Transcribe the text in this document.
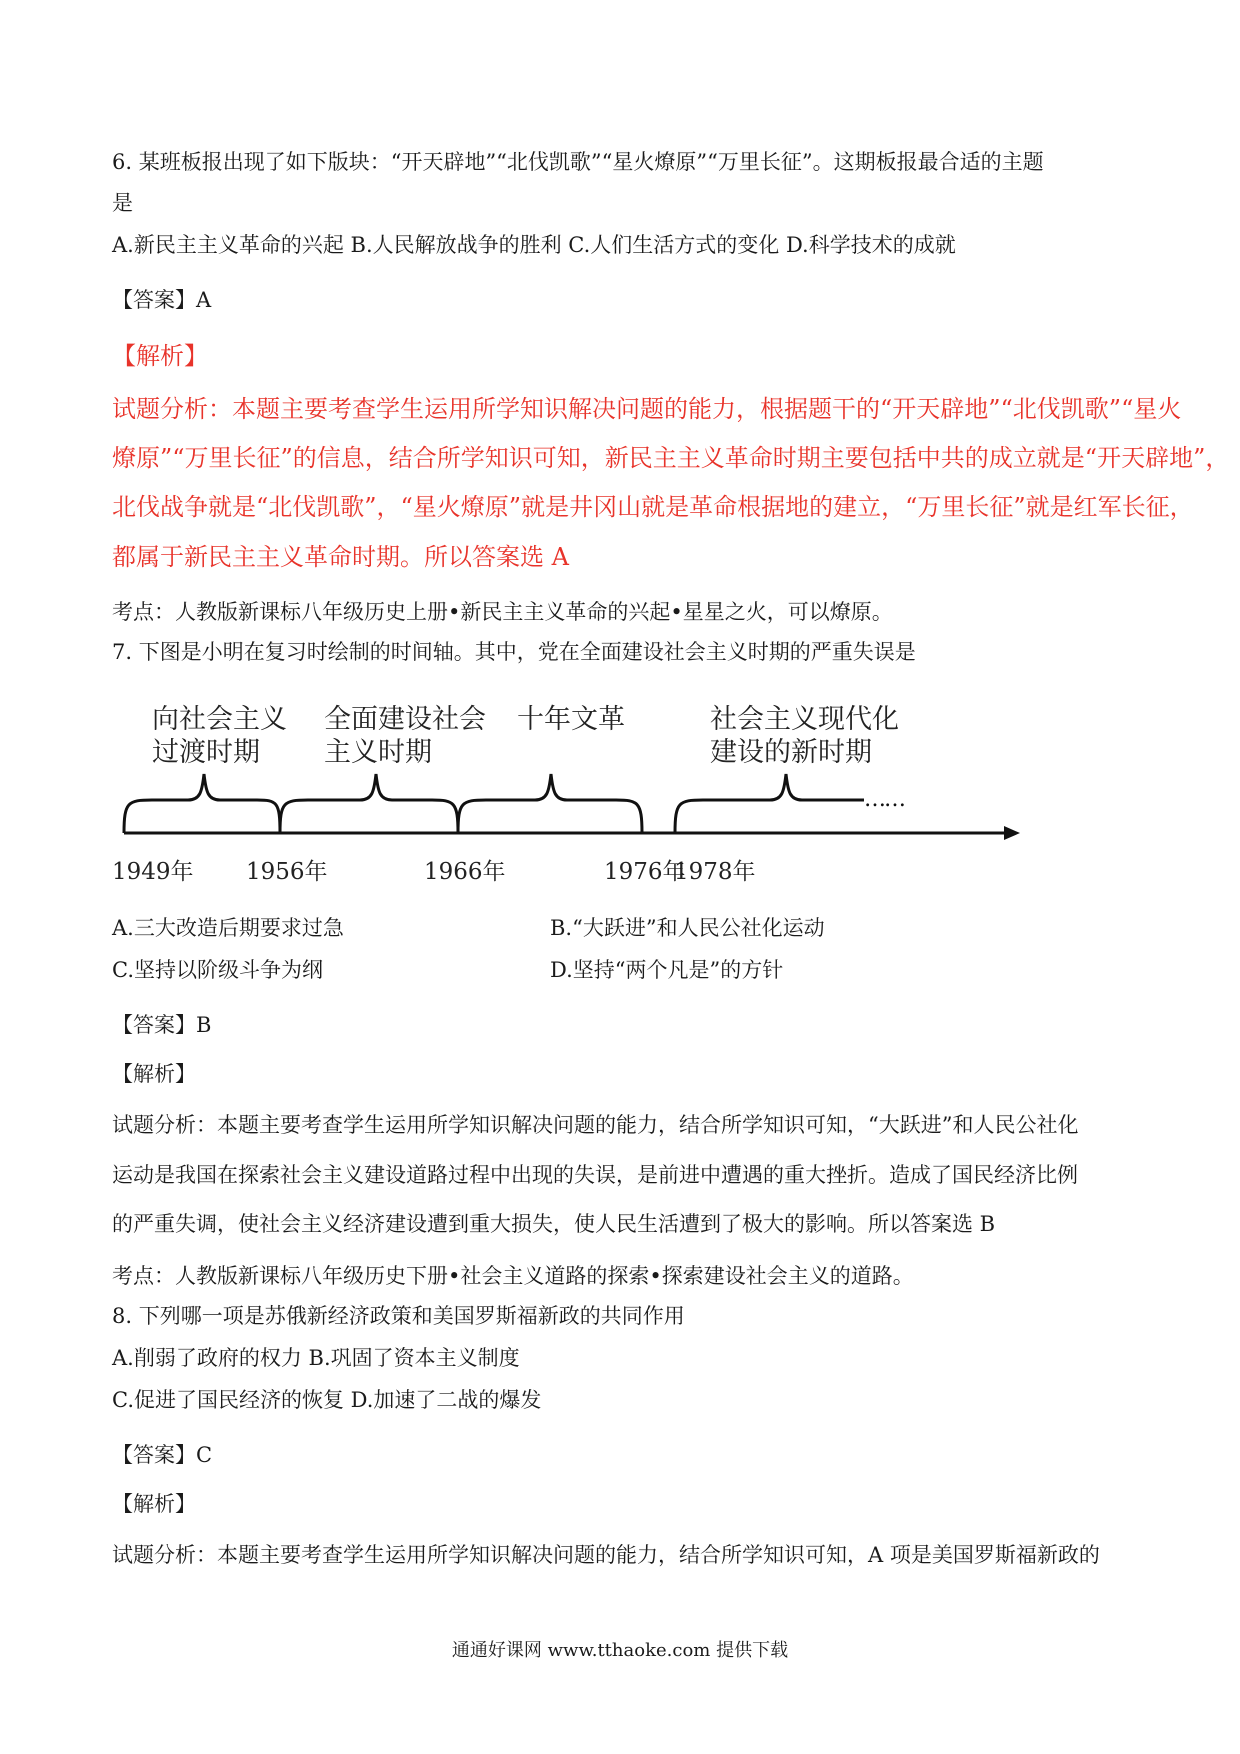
6. 某班板报出现了如下版块：“开天辟地”“北伐凯歌”“星火燎原”“万里长征”。这期板报最合适的主题
是
A.新民主主义革命的兴起 B.人民解放战争的胜利 C.人们生活方式的变化 D.科学技术的成就
【答案】A
【解析】
试题分析：本题主要考查学生运用所学知识解决问题的能力，根据题干的“开天辟地”“北伐凯歌”“星火
燎原”“万里长征”的信息，结合所学知识可知，新民主主义革命时期主要包括中共的成立就是“开天辟地”，
北伐战争就是“北伐凯歌”，“星火燎原”就是井冈山就是革命根据地的建立，“万里长征”就是红军长征，
都属于新民主主义革命时期。所以答案选 A
考点：人教版新课标八年级历史上册•新民主主义革命的兴起•星星之火，可以燎原。
7. 下图是小明在复习时绘制的时间轴。其中，党在全面建设社会主义时期的严重失误是
……
向社会主义
过渡时期
全面建设社会
主义时期
十年文革	社会主义现代化
建设的新时期
1949年 1956年	1966年	1976年
1978年
A.三大改造后期要求过急	B.“大跃进”和人民公社化运动
C.坚持以阶级斗争为纲	D.坚持“两个凡是”的方针
【答案】B
【解析】
试题分析：本题主要考查学生运用所学知识解决问题的能力，结合所学知识可知，“大跃进”和人民公社化
运动是我国在探索社会主义建设道路过程中出现的失误，是前进中遭遇的重大挫折。造成了国民经济比例
的严重失调，使社会主义经济建设遭到重大损失，使人民生活遭到了极大的影响。所以答案选 B
考点：人教版新课标八年级历史下册•社会主义道路的探索•探索建设社会主义的道路。
8. 下列哪一项是苏俄新经济政策和美国罗斯福新政的共同作用
A.削弱了政府的权力 B.巩固了资本主义制度
C.促进了国民经济的恢复 D.加速了二战的爆发
【答案】C
【解析】
试题分析：本题主要考查学生运用所学知识解决问题的能力，结合所学知识可知，A 项是美国罗斯福新政的
通通好课网 www.tthaoke.com 提供下载
